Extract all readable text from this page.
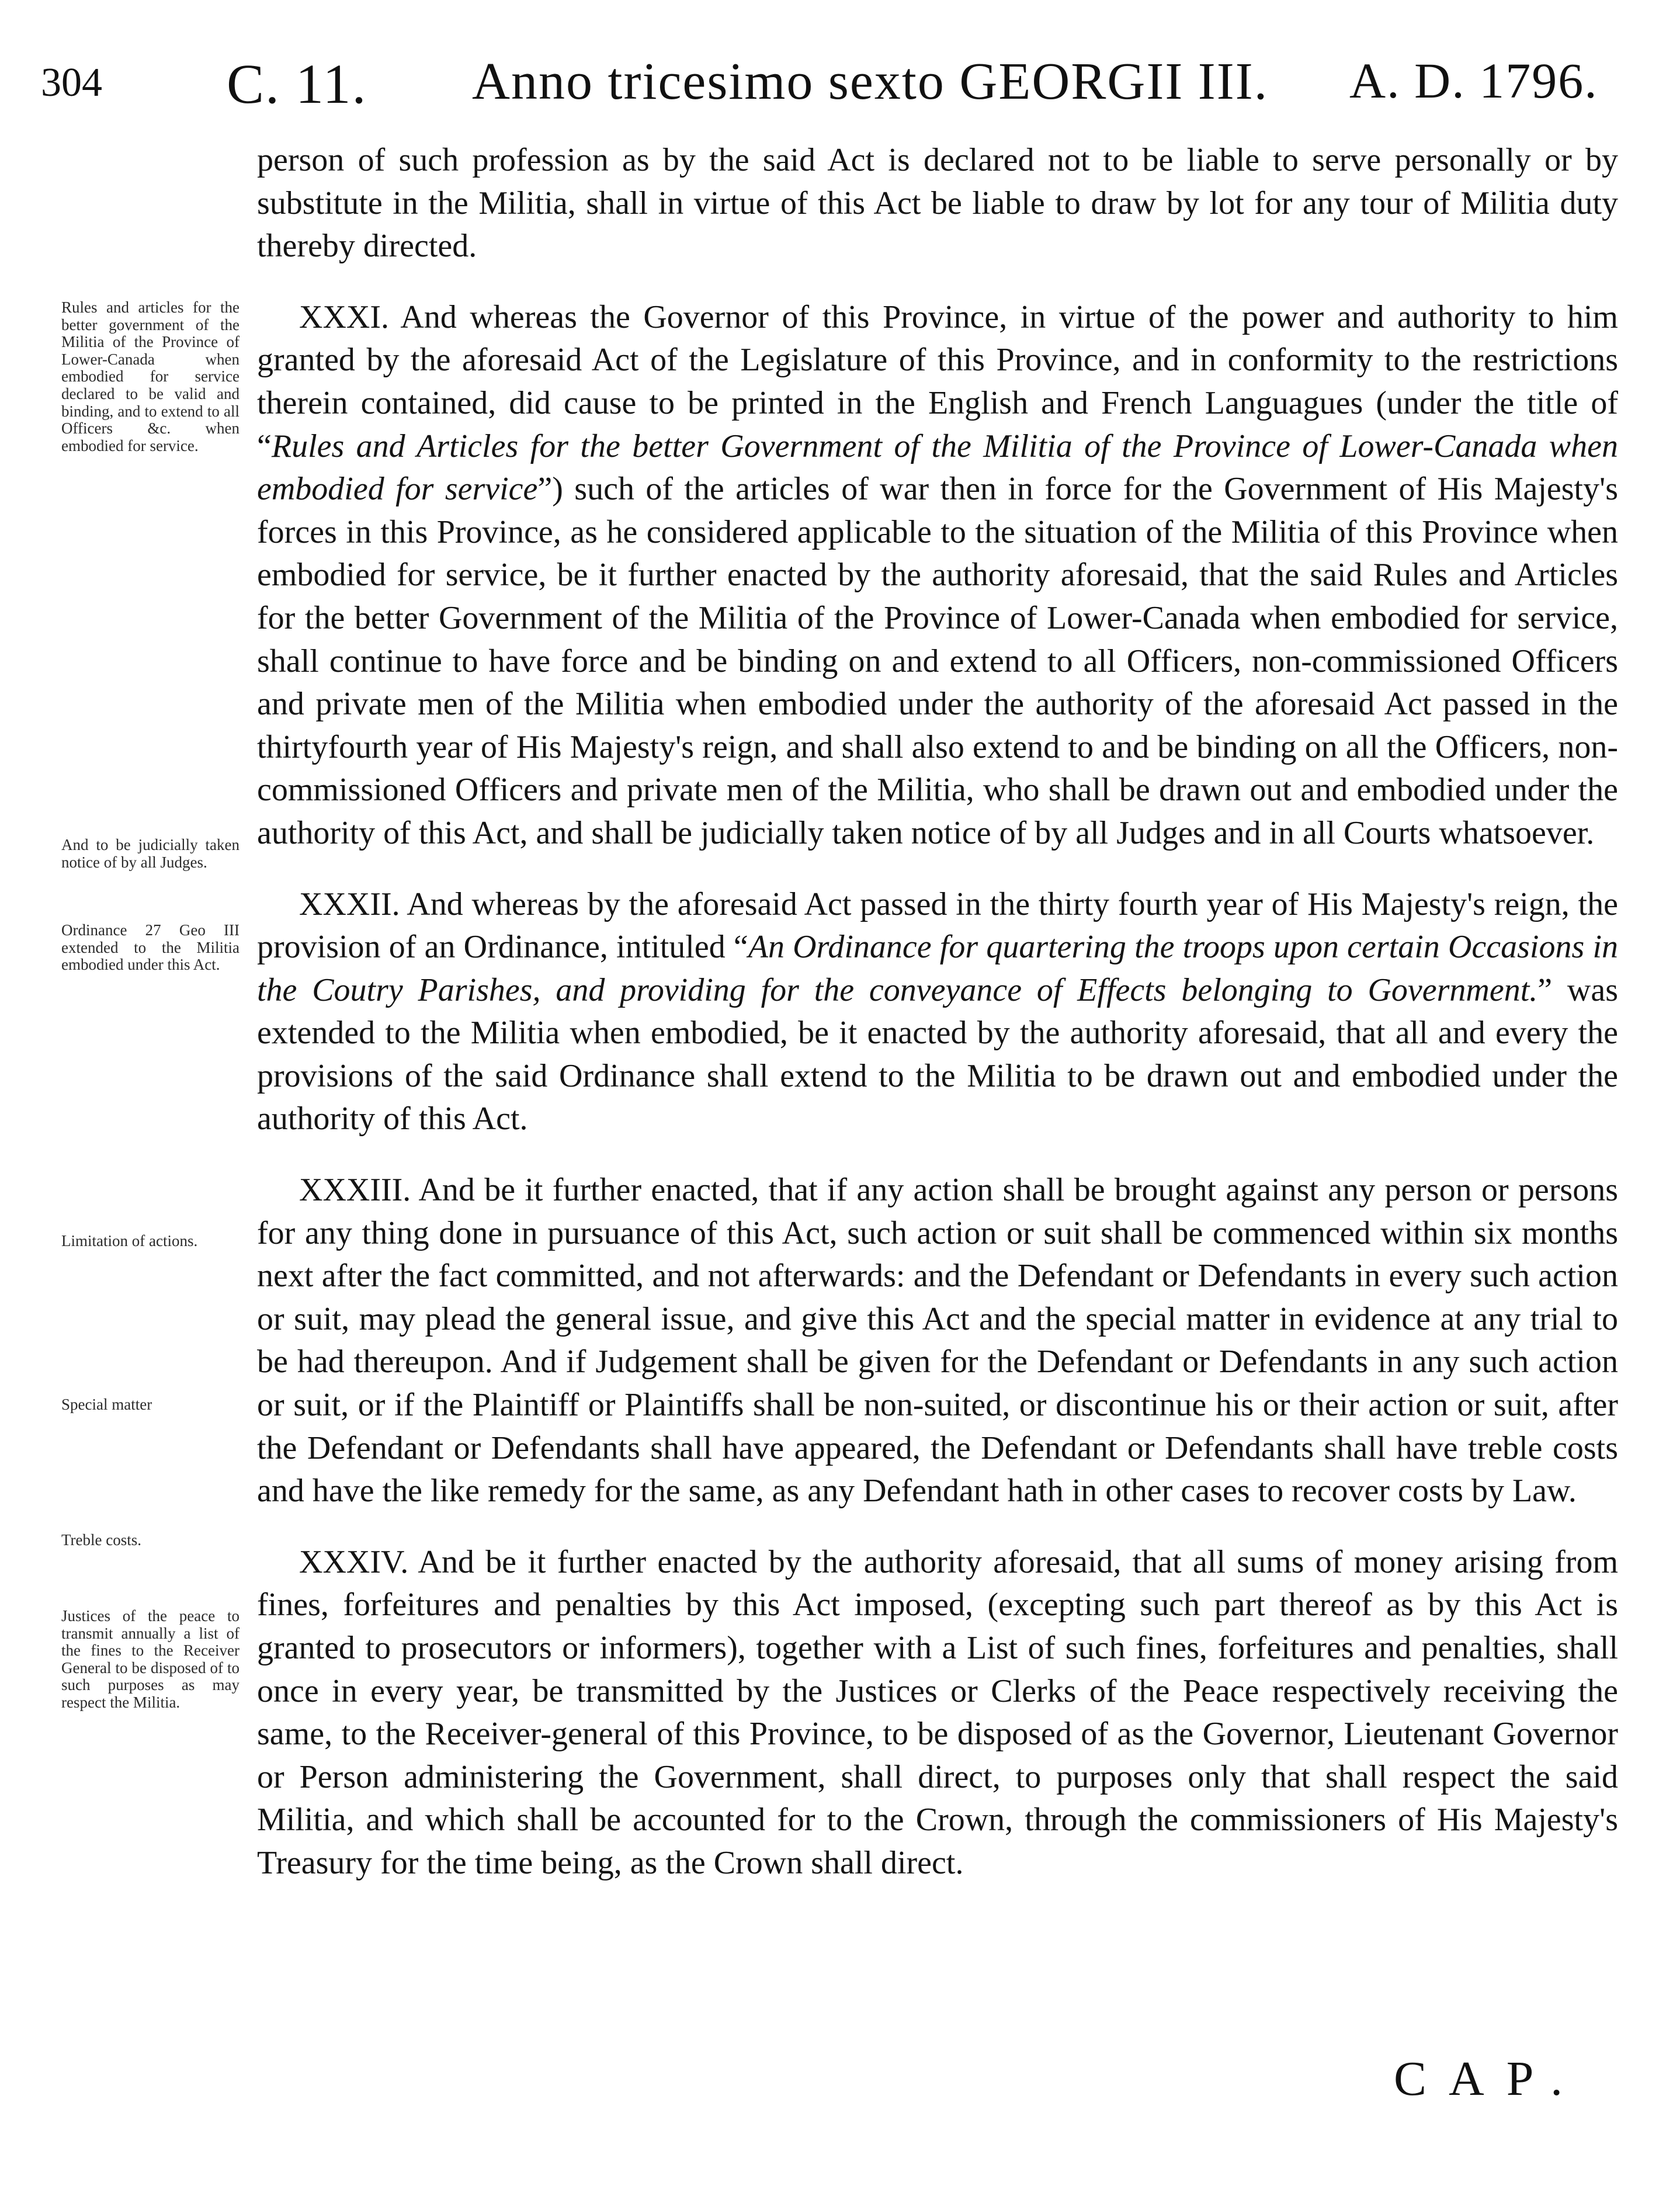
304 C. 11. Anno tricesimo sexto GEORGII III. A. D. 1796.

person of such profession as by the said Act is declared not to be liable to serve personally or by substitute in the Militia, shall in virtue of this Act be liable to draw by lot for any tour of Militia duty thereby directed.

XXXI. And whereas the Governor of this Province, in virtue of the power and authority to him granted by the aforesaid Act of the Legislature of this Province, and in conformity to the restrictions therein contained, did cause to be printed in the English and French Languagues (under the title of “Rules and Articles for the better Government of the Militia of the Province of Lower-Canada when embodied for service”) such of the articles of war then in force for the Government of His Majesty's forces in this Province, as he considered applicable to the situation of the Militia of this Province when embodied for service, be it further enacted by the authority aforesaid, that the said Rules and Articles for the better Government of the Militia of the Province of Lower-Canada when embodied for service, shall continue to have force and be binding on and extend to all Officers, non-commissioned Officers and private men of the Militia when embodied under the authority of the aforesaid Act passed in the thirtyfourth year of His Majesty's reign, and shall also extend to and be binding on all the Officers, non-commissioned Officers and private men of the Militia, who shall be drawn out and embodied under the authority of this Act, and shall be judicially taken notice of by all Judges and in all Courts whatsoever.

XXXII. And whereas by the aforesaid Act passed in the thirty fourth year of His Majesty's reign, the provision of an Ordinance, intituled “An Ordinance for quartering the troops upon certain Occasions in the Coutry Parishes, and providing for the conveyance of Effects belonging to Government.” was extended to the Militia when embodied, be it enacted by the authority aforesaid, that all and every the provisions of the said Ordinance shall extend to the Militia to be drawn out and embodied under the authority of this Act.

XXXIII. And be it further enacted, that if any action shall be brought against any person or persons for any thing done in pursuance of this Act, such action or suit shall be commenced within six months next after the fact committed, and not afterwards: and the Defendant or Defendants in every such action or suit, may plead the general issue, and give this Act and the special matter in evidence at any trial to be had thereupon. And if Judgement shall be given for the Defendant or Defendants in any such action or suit, or if the Plaintiff or Plaintiffs shall be non-suited, or discontinue his or their action or suit, after the Defendant or Defendants shall have appeared, the Defendant or Defendants shall have treble costs and have the like remedy for the same, as any Defendant hath in other cases to recover costs by Law.

XXXIV. And be it further enacted by the authority aforesaid, that all sums of money arising from fines, forfeitures and penalties by this Act imposed, (excepting such part thereof as by this Act is granted to prosecutors or informers), together with a List of such fines, forfeitures and penalties, shall once in every year, be transmitted by the Justices or Clerks of the Peace respectively receiving the same, to the Receiver-general of this Province, to be disposed of as the Governor, Lieutenant Governor or Person administering the Government, shall direct, to purposes only that shall respect the said Militia, and which shall be accounted for to the Crown, through the commissioners of His Majesty's Treasury for the time being, as the Crown shall direct.

Rules and articles for the better government of the Militia of the Province of Lower-Canada when embodied for service declared to be valid and binding, and to extend to all Officers &c. when embodied for service.
And to be judicially taken notice of by all Judges.
Ordinance 27 Geo III extended to the Militia embodied under this Act.
Limitation of actions.
Special matter
Treble costs.
Justices of the peace to transmit annually a list of the fines to the Receiver General to be disposed of to such purposes as may respect the Militia.
CAP.
